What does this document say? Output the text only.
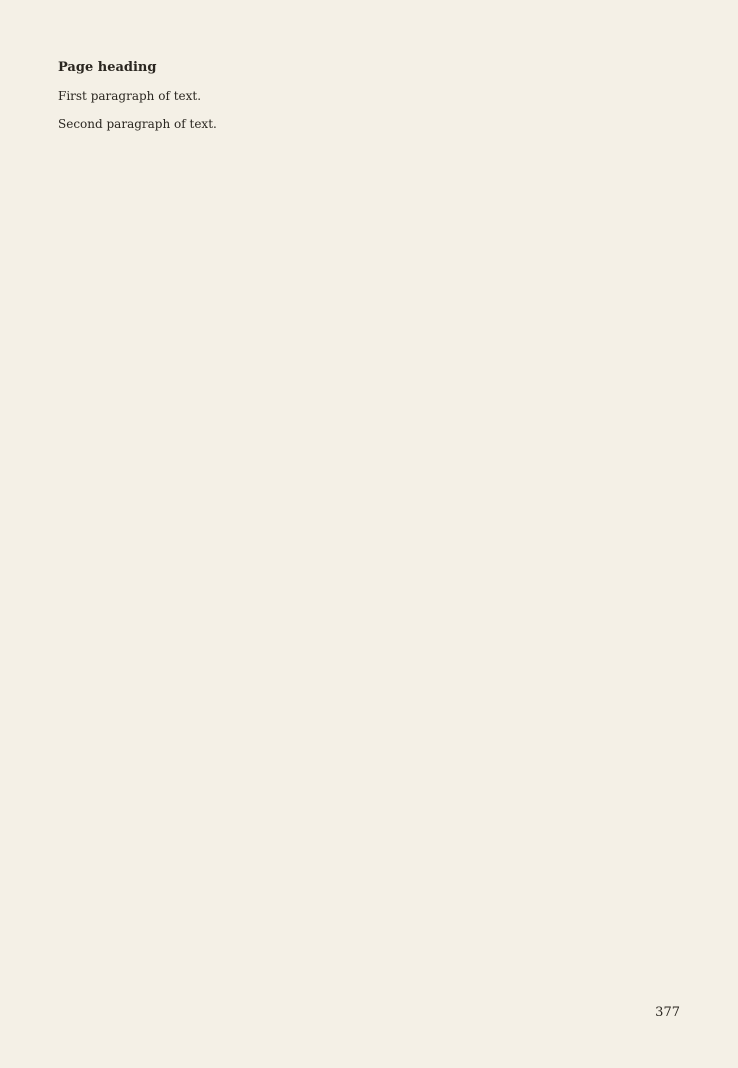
Page heading

First paragraph of text.

Second paragraph of text.

377
